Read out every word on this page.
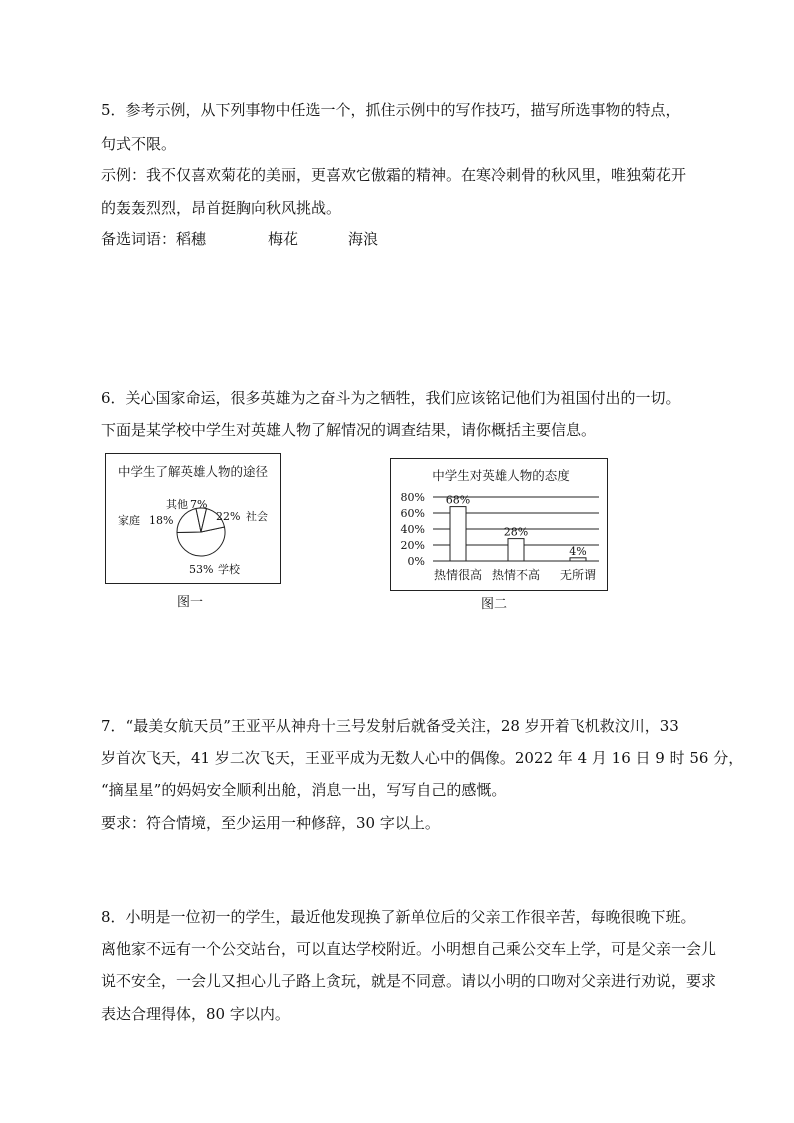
5．参考示例，从下列事物中任选一个，抓住示例中的写作技巧，描写所选事物的特点，

句式不限。

示例：我不仅喜欢菊花的美丽，更喜欢它傲霜的精神。在寒冷刺骨的秋风里，唯独菊花开

的轰轰烈烈，昂首挺胸向秋风挑战。

备选词语：稻穗	梅花	海浪

6．关心国家命运，很多英雄为之奋斗为之牺牲，我们应该铭记他们为祖国付出的一切。

下面是某学校中学生对英雄人物了解情况的调查结果，请你概括主要信息。

中学生了解英雄人物的途径
其他 7%
家庭 18%	22% 社会
53% 学校
图一
中学生对英雄人物的态度
0%
20%
40%
60%
80% 68%
28%
4%
热情很高 热情不高 无所谓
图二

7．“最美女航天员”王亚平从神舟十三号发射后就备受关注，28 岁开着飞机救汶川，33

岁首次飞天，41 岁二次飞天，王亚平成为无数人心中的偶像。2022 年 4 月 16 日 9 时 56 分，

“摘星星”的妈妈安全顺利出舱，消息一出，写写自己的感慨。

要求：符合情境，至少运用一种修辞，30 字以上。

8．小明是一位初一的学生，最近他发现换了新单位后的父亲工作很辛苦，每晚很晚下班。

离他家不远有一个公交站台，可以直达学校附近。小明想自己乘公交车上学，可是父亲一会儿

说不安全，一会儿又担心儿子路上贪玩，就是不同意。请以小明的口吻对父亲进行劝说，要求

表达合理得体，80 字以内。
